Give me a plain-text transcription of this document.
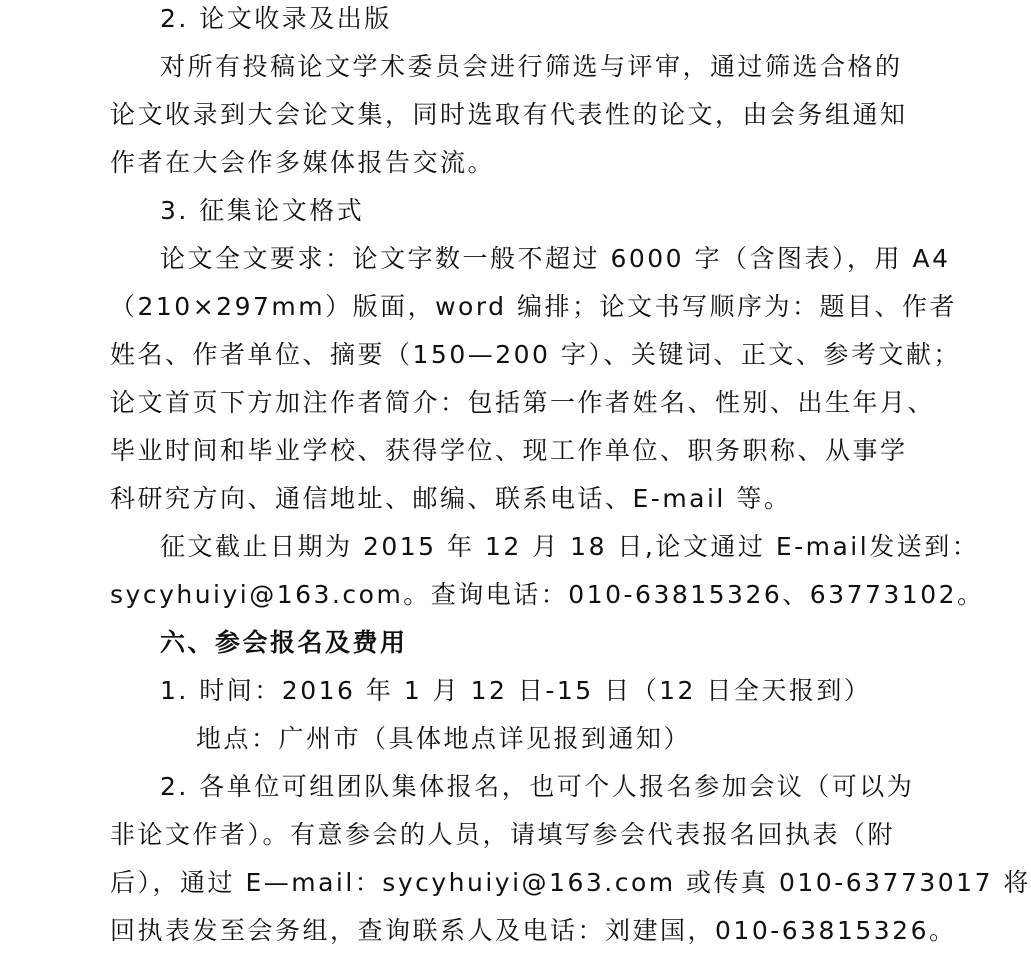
2. 论文收录及出版
对所有投稿论文学术委员会进行筛选与评审，通过筛选合格的
论文收录到大会论文集，同时选取有代表性的论文，由会务组通知
作者在大会作多媒体报告交流。
3. 征集论文格式
论文全文要求：论文字数一般不超过 6000 字（含图表），用 A4
（210×297mm）版面，word 编排；论文书写顺序为：题目、作者
姓名、作者单位、摘要（150—200 字）、关键词、正文、参考文献；
论文首页下方加注作者简介：包括第一作者姓名、性别、出生年月、
毕业时间和毕业学校、获得学位、现工作单位、职务职称、从事学
科研究方向、通信地址、邮编、联系电话、E-mail 等。
征文截止日期为 2015 年 12 月 18 日,论文通过 E-mail发送到：
sycyhuiyi@163.com。查询电话：010-63815326、63773102。
六、参会报名及费用
1. 时间：2016 年 1 月 12 日-15 日（12 日全天报到）
地点：广州市（具体地点详见报到通知）
2. 各单位可组团队集体报名，也可个人报名参加会议（可以为
非论文作者）。有意参会的人员，请填写参会代表报名回执表（附
后），通过 E—mail：sycyhuiyi@163.com 或传真 010-63773017 将
回执表发至会务组，查询联系人及电话：刘建国，010-63815326。
